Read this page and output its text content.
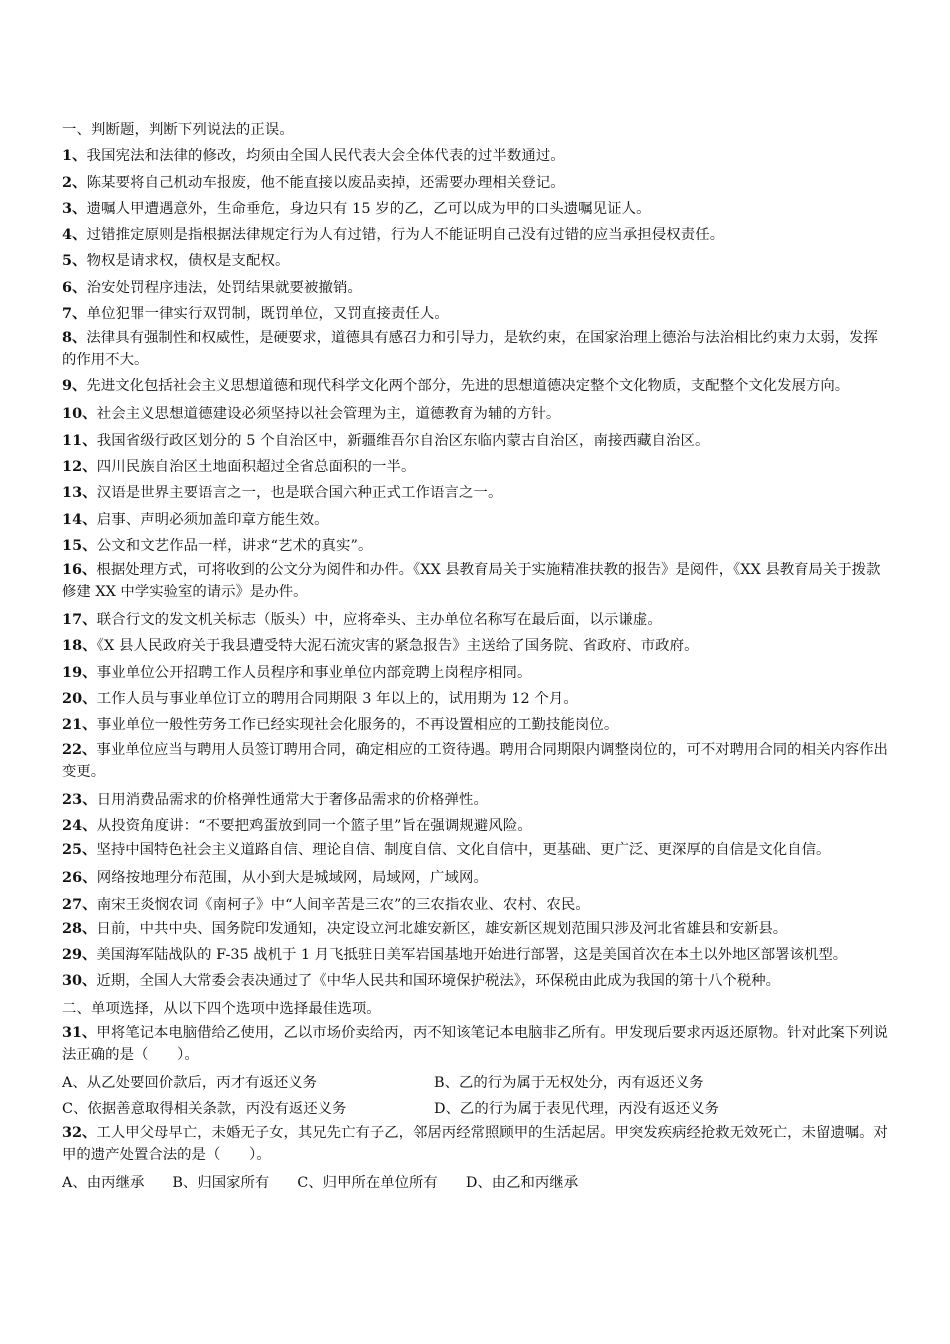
一、判断题，判断下列说法的正误。
1、我国宪法和法律的修改，均须由全国人民代表大会全体代表的过半数通过。
2、陈某要将自己机动车报废，他不能直接以废品卖掉，还需要办理相关登记。
3、遗嘱人甲遭遇意外，生命垂危，身边只有 15 岁的乙，乙可以成为甲的口头遗嘱见证人。
4、过错推定原则是指根据法律规定行为人有过错，行为人不能证明自己没有过错的应当承担侵权责任。
5、物权是请求权，债权是支配权。
6、治安处罚程序违法，处罚结果就要被撤销。
7、单位犯罪一律实行双罚制，既罚单位，又罚直接责任人。
8、法律具有强制性和权威性，是硬要求，道德具有感召力和引导力，是软约束，在国家治理上德治与法治相比约束力太弱，发挥的作用不大。
9、先进文化包括社会主义思想道德和现代科学文化两个部分，先进的思想道德决定整个文化物质，支配整个文化发展方向。
10、社会主义思想道德建设必须坚持以社会管理为主，道德教育为辅的方针。
11、我国省级行政区划分的 5 个自治区中，新疆维吾尔自治区东临内蒙古自治区，南接西藏自治区。
12、四川民族自治区土地面积超过全省总面积的一半。
13、汉语是世界主要语言之一，也是联合国六种正式工作语言之一。
14、启事、声明必须加盖印章方能生效。
15、公文和文艺作品一样，讲求“艺术的真实”。
16、根据处理方式，可将收到的公文分为阅件和办件。《XX 县教育局关于实施精准扶教的报告》是阅件，《XX 县教育局关于拨款修建 XX 中学实验室的请示》是办件。
17、联合行文的发文机关标志（版头）中，应将牵头、主办单位名称写在最后面，以示谦虚。
18、《X 县人民政府关于我县遭受特大泥石流灾害的紧急报告》主送给了国务院、省政府、市政府。
19、事业单位公开招聘工作人员程序和事业单位内部竞聘上岗程序相同。
20、工作人员与事业单位订立的聘用合同期限 3 年以上的，试用期为 12 个月。
21、事业单位一般性劳务工作已经实现社会化服务的，不再设置相应的工勤技能岗位。
22、事业单位应当与聘用人员签订聘用合同，确定相应的工资待遇。聘用合同期限内调整岗位的，可不对聘用合同的相关内容作出变更。
23、日用消费品需求的价格弹性通常大于奢侈品需求的价格弹性。
24、从投资角度讲：“不要把鸡蛋放到同一个篮子里”旨在强调规避风险。
25、坚持中国特色社会主义道路自信、理论自信、制度自信、文化自信中，更基础、更广泛、更深厚的自信是文化自信。
26、网络按地理分布范围，从小到大是城域网，局域网，广域网。
27、南宋王炎悯农词《南柯子》中“人间辛苦是三农”的三农指农业、农村、农民。
28、日前，中共中央、国务院印发通知，决定设立河北雄安新区，雄安新区规划范围只涉及河北省雄县和安新县。
29、美国海军陆战队的 F-35 战机于 1 月飞抵驻日美军岩国基地开始进行部署，这是美国首次在本土以外地区部署该机型。
30、近期，全国人大常委会表决通过了《中华人民共和国环境保护税法》，环保税由此成为我国的第十八个税种。
二、单项选择，从以下四个选项中选择最佳选项。
31、甲将笔记本电脑借给乙使用，乙以市场价卖给丙，丙不知该笔记本电脑非乙所有。甲发现后要求丙返还原物。针对此案下列说法正确的是（　　）。
A、从乙处要回价款后，丙才有返还义务	B、乙的行为属于无权处分，丙有返还义务
C、依据善意取得相关条款，丙没有返还义务	D、乙的行为属于表见代理，丙没有返还义务
32、工人甲父母早亡，未婚无子女，其兄先亡有子乙，邻居丙经常照顾甲的生活起居。甲突发疾病经抢救无效死亡，未留遗嘱。对甲的遗产处置合法的是（　　）。
A、由丙继承 B、归国家所有 C、归甲所在单位所有 D、由乙和丙继承
